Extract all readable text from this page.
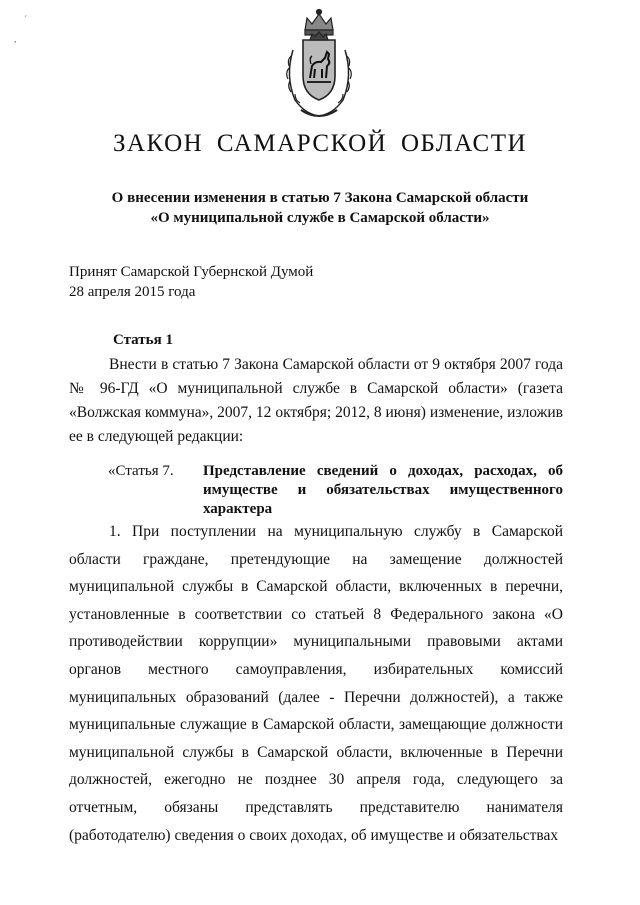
´
,
ЗАКОН САМАРСКОЙ ОБЛАСТИ
О внесении изменения в статью 7 Закона Самарской области
«О муниципальной службе в Самарской области»
Принят Самарской Губернской Думой
28 апреля 2015 года
Статья 1
Внести в статью 7 Закона Самарской области от 9 октября 2007 года № 96-ГД «О муниципальной службе в Самарской области» (газета «Волжская коммуна», 2007, 12 октября; 2012, 8 июня) изменение, изложив ее в следующей редакции:
«Статья 7.	Представление сведений о доходах, расходах, об имуществе и обязательствах имущественного характера
1. При поступлении на муниципальную службу в Самарской области граждане, претендующие на замещение должностей муниципальной службы в Самарской области, включенных в перечни, установленные в соответствии со статьей 8 Федерального закона «О противодействии коррупции» муниципальными правовыми актами органов местного самоуправления, избирательных комиссий муниципальных образований (далее - Перечни должностей), а также муниципальные служащие в Самарской области, замещающие должности муниципальной службы в Самарской области, включенные в Перечни должностей, ежегодно не позднее 30 апреля года, следующего за отчетным, обязаны представлять представителю нанимателя (работодателю) сведения о своих доходах, об имуществе и обязательствах
